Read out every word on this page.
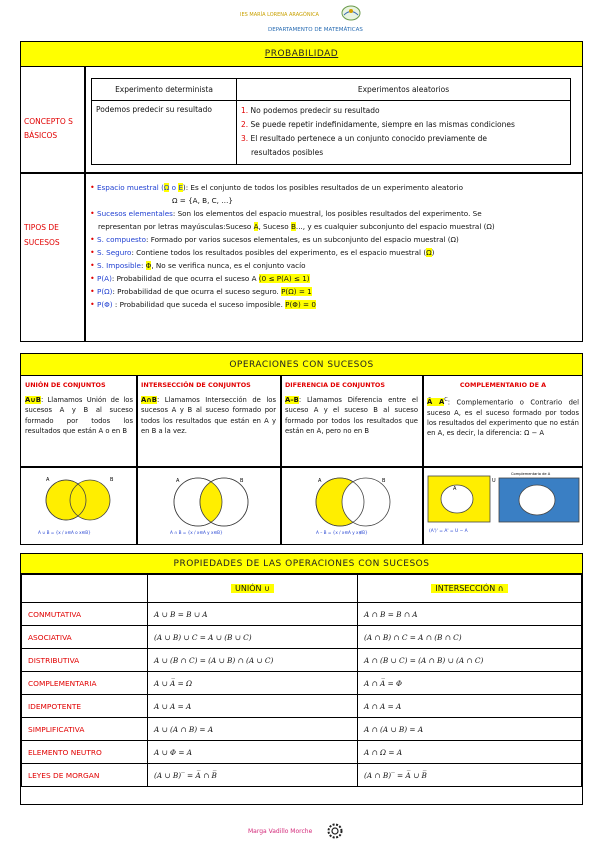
IES MARÍA LORENA ARAGÓNICA
DEPARTAMENTO DE MATEMÁTICAS
PROBABILIDAD
CONCEPTO S BÁSICOS
Experimento determinista	Experimentos aleatorios
Podemos predecir su resultado	1. No podemos predecir su resultado
2. Se puede repetir indefinidamente, siempre en las mismas condiciones
3. El resultado pertenece a un conjunto conocido previamente de
resultados posibles
TIPOS DE SUCESOS
• Espacio muestral (Ω o E): Es el conjunto de todos los posibles resultados de un experimento aleatorio
Ω = {A, B, C, …}
• Sucesos elementales: Son los elementos del espacio muestral, los posibles resultados del experimento. Se
representan por letras mayúsculas:Suceso A, Suceso B..., y es cualquier subconjunto del espacio muestral (Ω)
• S. compuesto: Formado por varios sucesos elementales, es un subconjunto del espacio muestral (Ω)
• S. Seguro: Contiene todos los resultados posibles del experimento, es el espacio muestral (Ω)
• S. Imposible: Φ, No se verifica nunca, es el conjunto vacío
• P(A): Probabilidad de que ocurra el suceso A (0 ≤ P(A) ≤ 1)
• P(Ω): Probabilidad de que ocurra el suceso seguro. P(Ω) = 1
• P(Φ) : Probabilidad que suceda el suceso imposible. P(Φ) = 0
OPERACIONES CON SUCESOS
UNIÓN DE CONJUNTOS
A∪B: Llamamos Unión de los sucesos A y B al suceso formado por todos los resultados que están A o en B
INTERSECCIÓN DE CONJUNTOS
A∩B: Llamamos Intersección de los sucesos A y B al suceso formado por todos los resultados que están en A y en B a la vez.
DIFERENCIA DE CONJUNTOS
A–B: Llamamos Diferencia entre el suceso A y el suceso B al suceso formado por todos los resultados que están en A, pero no en B
COMPLEMENTARIO DE A
Ā $A^C$: Complementario o Contrario del suceso A, es el suceso formado por todos los resultados del experimento que no están en A, es decir, la diferencia: Ω − A
A	B
A ∪ B = {x / x∈A o x∈B}
A	B
A ∩ B = {x / x∈A y x∈B}
A	B
A – B = {x / x∈A y x∉B}
A
U
Complementario de A
(A')' = A' = U − A
PROPIEDADES DE LAS OPERACIONES CON SUCESOS
	UNIÓN ∪	INTERSECCIÓN ∩
CONMUTATIVA	A ∪ B = B ∪ A	A ∩ B = B ∩ A
ASOCIATIVA	(A ∪ B) ∪ C = A ∪ (B ∪ C)	(A ∩ B) ∩ C = A ∩ (B ∩ C)
DISTRIBUTIVA	A ∪ (B ∩ C) = (A ∪ B) ∩ (A ∪ C)	A ∩ (B ∪ C) = (A ∩ B) ∪ (A ∩ C)
COMPLEMENTARIA	A ∪ A̅ = Ω	A ∩ A̅ = Φ
IDEMPOTENTE	A ∪ A = A	A ∩ A = A
SIMPLIFICATIVA	A ∪ (A ∩ B) = A	A ∩ (A ∪ B) = A
ELEMENTO NEUTRO	A ∪ Φ = A	A ∩ Ω = A
LEYES DE MORGAN	(A ∪ B)‾ = A̅ ∩ B̅	(A ∩ B)‾ = A̅ ∪ B̅
Marga Vadillo Morche
